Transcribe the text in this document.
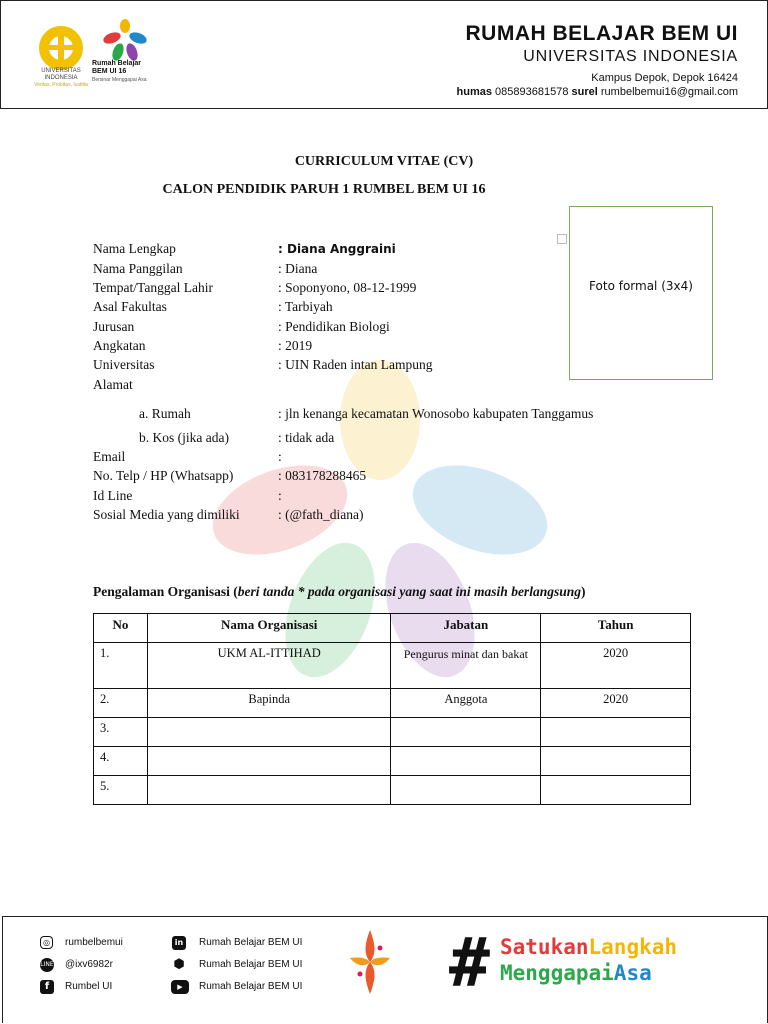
UNIVERSITAS INDONESIA
Veritas, Probitas, Iustitia
Rumah Belajar BEM UI 16
Bersinar Menggapai Asa
RUMAH BELAJAR BEM UI
UNIVERSITAS INDONESIA
Kampus Depok, Depok 16424
humas 085893681578 surel rumbelbemui16@gmail.com
CURRICULUM VITAE (CV)
CALON PENDIDIK PARUH 1 RUMBEL BEM UI 16
Foto formal (3x4)
Nama Lengkap	: Diana Anggraini
Nama Panggilan	: Diana
Tempat/Tanggal Lahir	: Soponyono, 08-12-1999
Asal Fakultas	: Tarbiyah
Jurusan	: Pendidikan Biologi
Angkatan	: 2019
Universitas	: UIN Raden intan Lampung
Alamat
a. Rumah	: jln kenanga kecamatan Wonosobo kabupaten Tanggamus
b. Kos (jika ada)	: tidak ada
Email	:
No. Telp / HP (Whatsapp)	: 083178288465
Id Line	:
Sosial Media yang dimiliki	: (@fath_diana)
Pengalaman Organisasi (beri tanda * pada organisasi yang saat ini masih berlangsung)
No	Nama Organisasi	Jabatan	Tahun
1.	UKM AL-ITTIHAD	Pengurus minat dan bakat	2020
2.	Bapinda	Anggota	2020
3.			
4.			
5.			
◎	rumbelbemui
LINE @ixv6982r
f	Rumbel UI
in Rumah Belajar BEM UI
⬢ Rumah Belajar BEM UI
▶	Rumah Belajar BEM UI # SatukanLangkah
MenggapaiAsa
